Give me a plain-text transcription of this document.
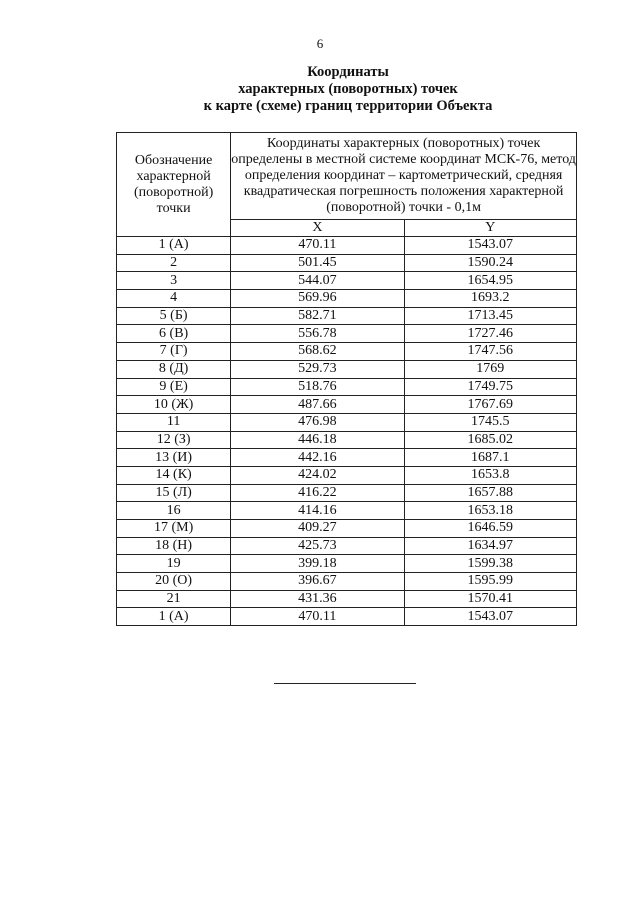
6
Координаты
характерных (поворотных) точек
к карте (схеме) границ территории Объекта
Обозначение характерной (поворотной) точки	Координаты характерных (поворотных) точек определены в местной системе координат МСК-76, метод определения координат – картометрический, средняя квадратическая погрешность положения характерной (поворотной) точки - 0,1м	
	X	Y
1 (А)	470.11	1543.07
2	501.45	1590.24
3	544.07	1654.95
4	569.96	1693.2
5 (Б)	582.71	1713.45
6 (В)	556.78	1727.46
7 (Г)	568.62	1747.56
8 (Д)	529.73	1769
9 (Е)	518.76	1749.75
10 (Ж)	487.66	1767.69
11	476.98	1745.5
12 (З)	446.18	1685.02
13 (И)	442.16	1687.1
14 (К)	424.02	1653.8
15 (Л)	416.22	1657.88
16	414.16	1653.18
17 (М)	409.27	1646.59
18 (Н)	425.73	1634.97
19	399.18	1599.38
20 (О)	396.67	1595.99
21	431.36	1570.41
1 (А)	470.11	1543.07
